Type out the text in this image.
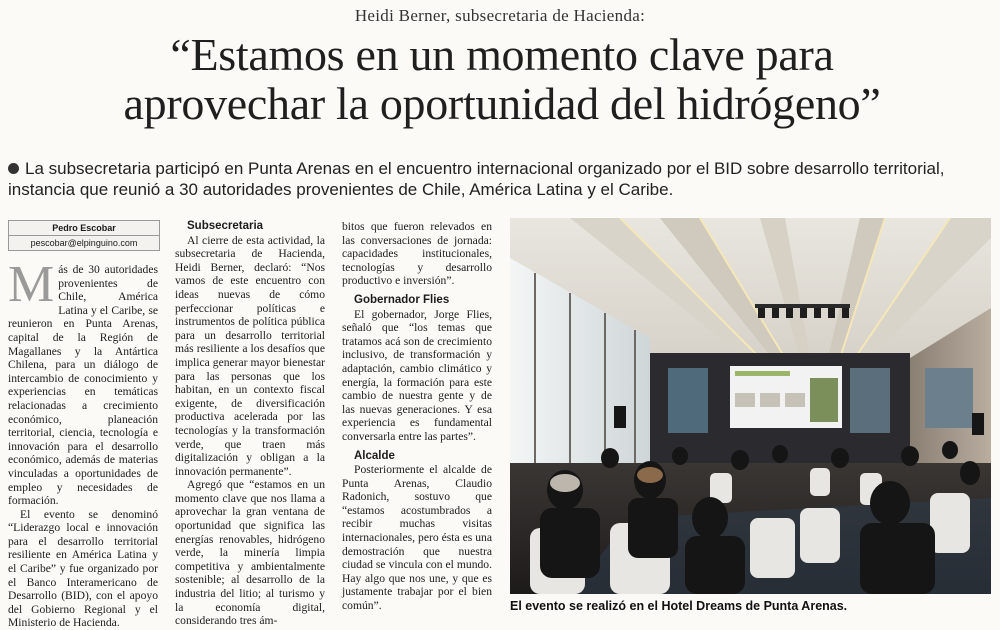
Heidi Berner, subsecretaria de Hacienda:
“Estamos en un momento clave para
aprovechar la oportunidad del hidrógeno”
La subsecretaria participó en Punta Arenas en el encuentro internacional organizado por el BID sobre desarrollo territorial, instancia que reunió a 30 autoridades provenientes de Chile, América Latina y el Caribe.
Pedro Escobar
pescobar@elpinguino.com

Más de 30 autoridades provenientes de Chile, América Latina y el Caribe, se reunieron en Punta Arenas, capital de la Región de Magallanes y la Antártica Chilena, para un diálogo de intercambio de conocimiento y experiencias en temáticas relacionadas a crecimiento económico, planeación territorial, ciencia, tecnología e innovación para el desarrollo económico, además de materias vinculadas a oportunidades de empleo y necesidades de formación.

El evento se denominó “Liderazgo local e innovación para el desarrollo territorial resiliente en América Latina y el Caribe” y fue organizado por el Banco Interamericano de Desarrollo (BID), con el apoyo del Gobierno Regional y el Ministerio de Hacienda.

Subsecretaria

Al cierre de esta actividad, la subsecretaria de Hacienda, Heidi Berner, declaró: “Nos vamos de este encuentro con ideas nuevas de cómo perfeccionar políticas e instrumentos de política pública para un desarrollo territorial más resiliente a los desafíos que implica generar mayor bienestar para las personas que los habitan, en un contexto fiscal exigente, de diversificación productiva acelerada por las tecnologías y la transformación verde, que traen más digitalización y obligan a la innovación permanente”.

Agregó que “estamos en un momento clave que nos llama a aprovechar la gran ventana de oportunidad que significa las energías renovables, hidrógeno verde, la minería limpia competitiva y ambientalmente sostenible; al desarrollo de la industria del litio; al turismo y la economía digital, considerando tres ám-

bitos que fueron relevados en las conversaciones de jornada: capacidades institucionales, tecnologías y desarrollo productivo e inversión”.

Gobernador Flies

El gobernador, Jorge Flies, señaló que “los temas que tratamos acá son de crecimiento inclusivo, de transformación y adaptación, cambio climático y energía, la formación para este cambio de nuestra gente y de las nuevas generaciones. Y esa experiencia es fundamental conversarla entre las partes”.

Alcalde

Posteriormente el alcalde de Punta Arenas, Claudio Radonich, sostuvo que “estamos acostumbrados a recibir muchas visitas internacionales, pero ésta es una demostración que nuestra ciudad se vincula con el mundo. Hay algo que nos une, y que es justamente trabajar por el bien común”.	El evento se realizó en el Hotel Dreams de Punta Arenas.
